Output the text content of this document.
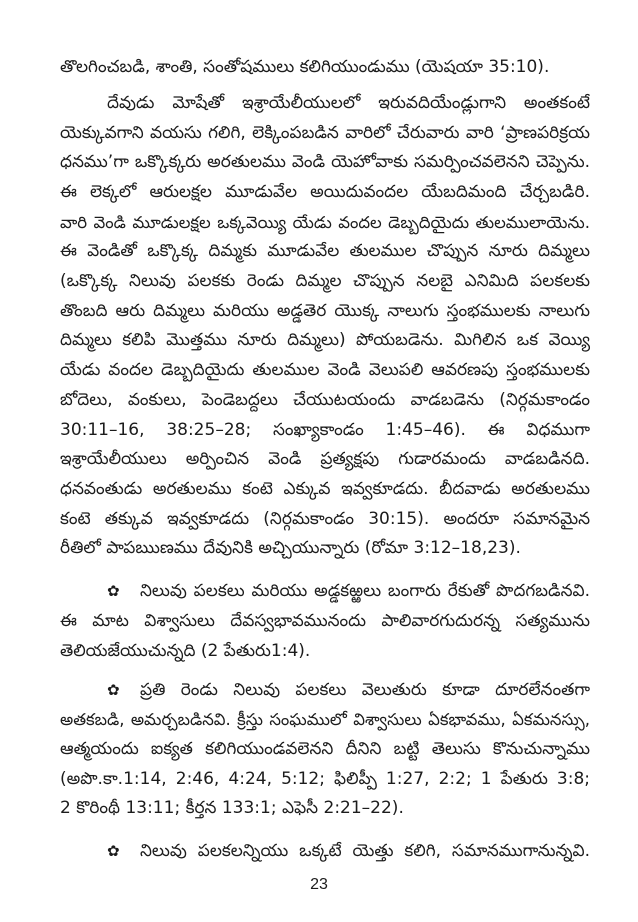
తొలగించబడి, శాంతి, సంతోషములు కలిగియుండుము (యెషయా 35:10).
దేవుడు మోషేతో ఇశ్రాయేలీయులలో ఇరువదియేండ్లుగాని అంతకంటే
యెక్కువగాని వయసు గలిగి, లెక్కింపబడిన వారిలో చేరువారు వారి ‘ప్రాణపరిక్రయ
ధనము’గా ఒక్కొక్కరు అరతులము వెండి యెహోవాకు సమర్పించవలెనని చెప్పెను.
ఈ లెక్కలో ఆరులక్షల మూడువేల అయిదువందల యేబదిమంది చేర్చబడిరి.
వారి వెండి మూడులక్షల ఒక్కవెయ్యి యేడు వందల డెబ్బదియైదు తులములాయెను.
ఈ వెండితో ఒక్కొక్క దిమ్మకు మూడువేల తులముల చొప్పున నూరు దిమ్మలు
(ఒక్కొక్క నిలువు పలకకు రెండు దిమ్మల చొప్పున నలబై ఎనిమిది పలకలకు
తొంబది ఆరు దిమ్మలు మరియు అడ్డతెర యొక్క నాలుగు స్తంభములకు నాలుగు
దిమ్మలు కలిపి మొత్తము నూరు దిమ్మలు) పోయబడెను. మిగిలిన ఒక వెయ్యి
యేడు వందల డెబ్బదియైదు తులముల వెండి వెలుపలి ఆవరణపు స్తంభములకు
బోదెలు, వంకులు, పెండెబద్దలు చేయుటయందు వాడబడెను (నిర్గమకాండం
30:11–16, 38:25–28; సంఖ్యాకాండం 1:45–46). ఈ విధముగా
ఇశ్రాయేలీయులు అర్పించిన వెండి ప్రత్యక్షపు గుడారమందు వాడబడినది.
ధనవంతుడు అరతులము కంటె ఎక్కువ ఇవ్వకూడదు. బీదవాడు అరతులము
కంటె తక్కువ ఇవ్వకూడదు (నిర్గమకాండం 30:15). అందరూ సమానమైన
రీతిలో పాపఋణము దేవునికి అచ్చియున్నారు (రోమా 3:12–18,23).
✿ నిలువు పలకలు మరియు అడ్డకఱ్ఱలు బంగారు రేకుతో పొదగబడినవి.
ఈ మాట విశ్వాసులు దేవస్వభావమునందు పాలివారగుదురన్న సత్యమును
తెలియజేయుచున్నది (2 పేతురు1:4).
✿ ప్రతి రెండు నిలువు పలకలు వెలుతురు కూడా దూరలేనంతగా
అతకబడి, అమర్చబడినవి. క్రీస్తు సంఘములో విశ్వాసులు ఏకభావము, ఏకమనస్సు,
ఆత్మయందు ఐక్యత కలిగియుండవలెనని దీనిని బట్టి తెలుసు కొనుచున్నాము
(అపొ.కా.1:14, 2:46, 4:24, 5:12; ఫిలిప్పీ 1:27, 2:2; 1 పేతురు 3:8;
2 కొరింథీ 13:11; కీర్తన 133:1; ఎఫెసీ 2:21–22).
✿ నిలువు పలకలన్నియు ఒక్కటే యెత్తు కలిగి, సమానముగానున్నవి.
23
